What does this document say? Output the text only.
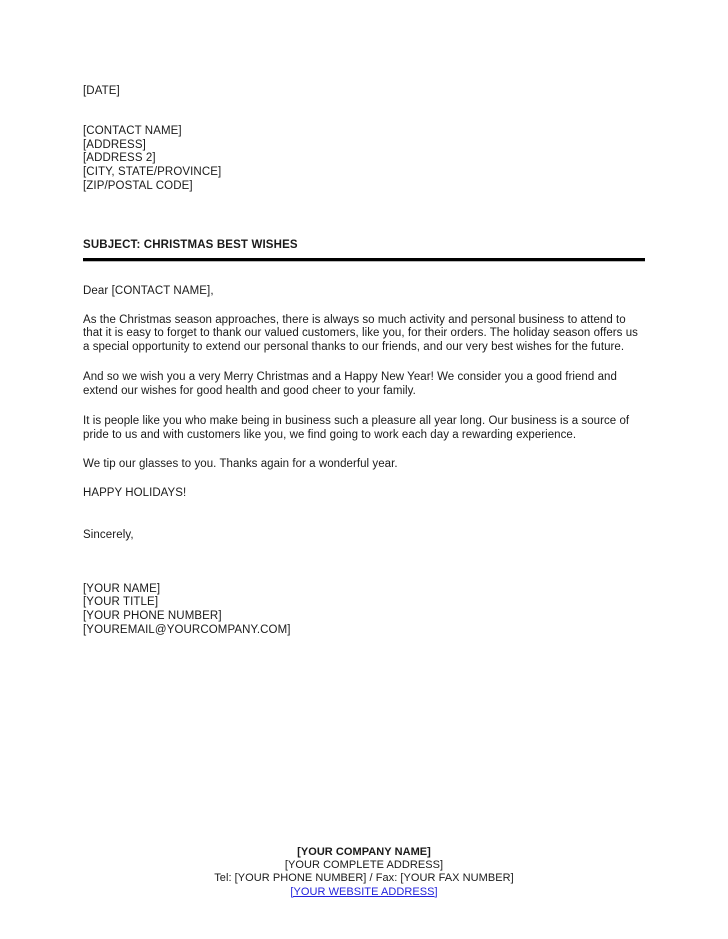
[DATE]
[CONTACT NAME]
[ADDRESS]
[ADDRESS 2]
[CITY, STATE/PROVINCE]
[ZIP/POSTAL CODE]
SUBJECT: CHRISTMAS BEST WISHES
Dear [CONTACT NAME],

As the Christmas season approaches, there is always so much activity and personal business to attend to that it is easy to forget to thank our valued customers, like you, for their orders. The holiday season offers us a special opportunity to extend our personal thanks to our friends, and our very best wishes for the future.

And so we wish you a very Merry Christmas and a Happy New Year! We consider you a good friend and extend our wishes for good health and good cheer to your family.

It is people like you who make being in business such a pleasure all year long. Our business is a source of pride to us and with customers like you, we find going to work each day a rewarding experience.

We tip our glasses to you. Thanks again for a wonderful year.

HAPPY HOLIDAYS!

Sincerely,
[YOUR NAME]
[YOUR TITLE]
[YOUR PHONE NUMBER]
[YOUREMAIL@YOURCOMPANY.COM]
[YOUR COMPANY NAME]
[YOUR COMPLETE ADDRESS]
Tel: [YOUR PHONE NUMBER] / Fax: [YOUR FAX NUMBER]
[YOUR WEBSITE ADDRESS]
